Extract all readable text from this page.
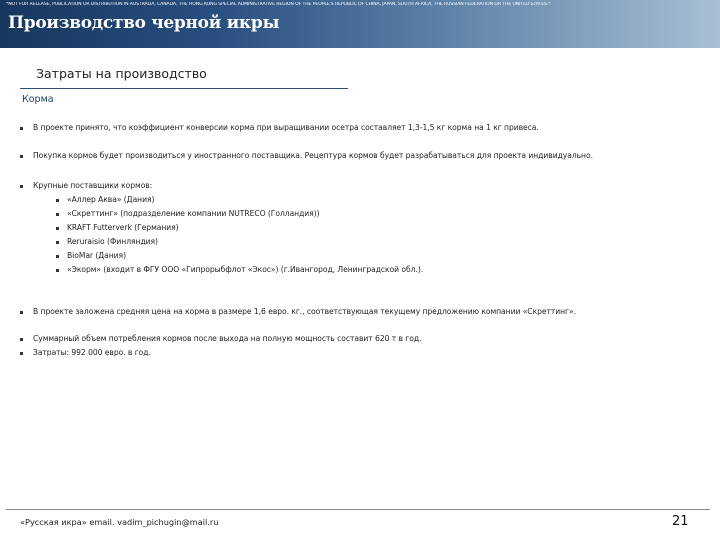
*NOT FOR RELEASE, PUBLICATION OR DISTRIBUTION IN AUSTRALIA, CANADA, THE HONG KONG SPECIAL ADMINISTRATIVE REGION OF THE PEOPLE'S REPUBLIC OF CHINA, JAPAN, SOUTH AFRICA, THE RUSSIAN FEDERATION OR THE UNITED STATES.*
Производство черной икры
Затраты на производство
Корма
В проекте принято, что коэффициент конверсии корма при выращивании осетра составляет 1,3-1,5 кг корма на 1 кг привеса.
Покупка кормов будет производиться у иностранного поставщика. Рецептура кормов будет разрабатываться для проекта индивидуально.
Крупные поставщики кормов:
«Аллер Аква» (Дания)
«Скреттинг» (подразделение компании NUTRECO (Голландия))
KRAFT Futterverk (Германия)
Reruraisio (Финляндия)
BioMar (Дания)
«Экорм» (входит в ФГУ ООО «Гипрорыбфлот «Экос») (г.Ивангород, Ленинградской обл.).
В проекте заложена средняя цена на корма в размере 1,6 евро. кг., соответствующая текущему предложению компании «Скреттинг».
Суммарный объем потребления кормов после выхода на полную мощность составит 620 т в год.
Затраты: 992 000 евро. в год.
«Русская икра» email. vadim_pichugin@mail.ru	21
